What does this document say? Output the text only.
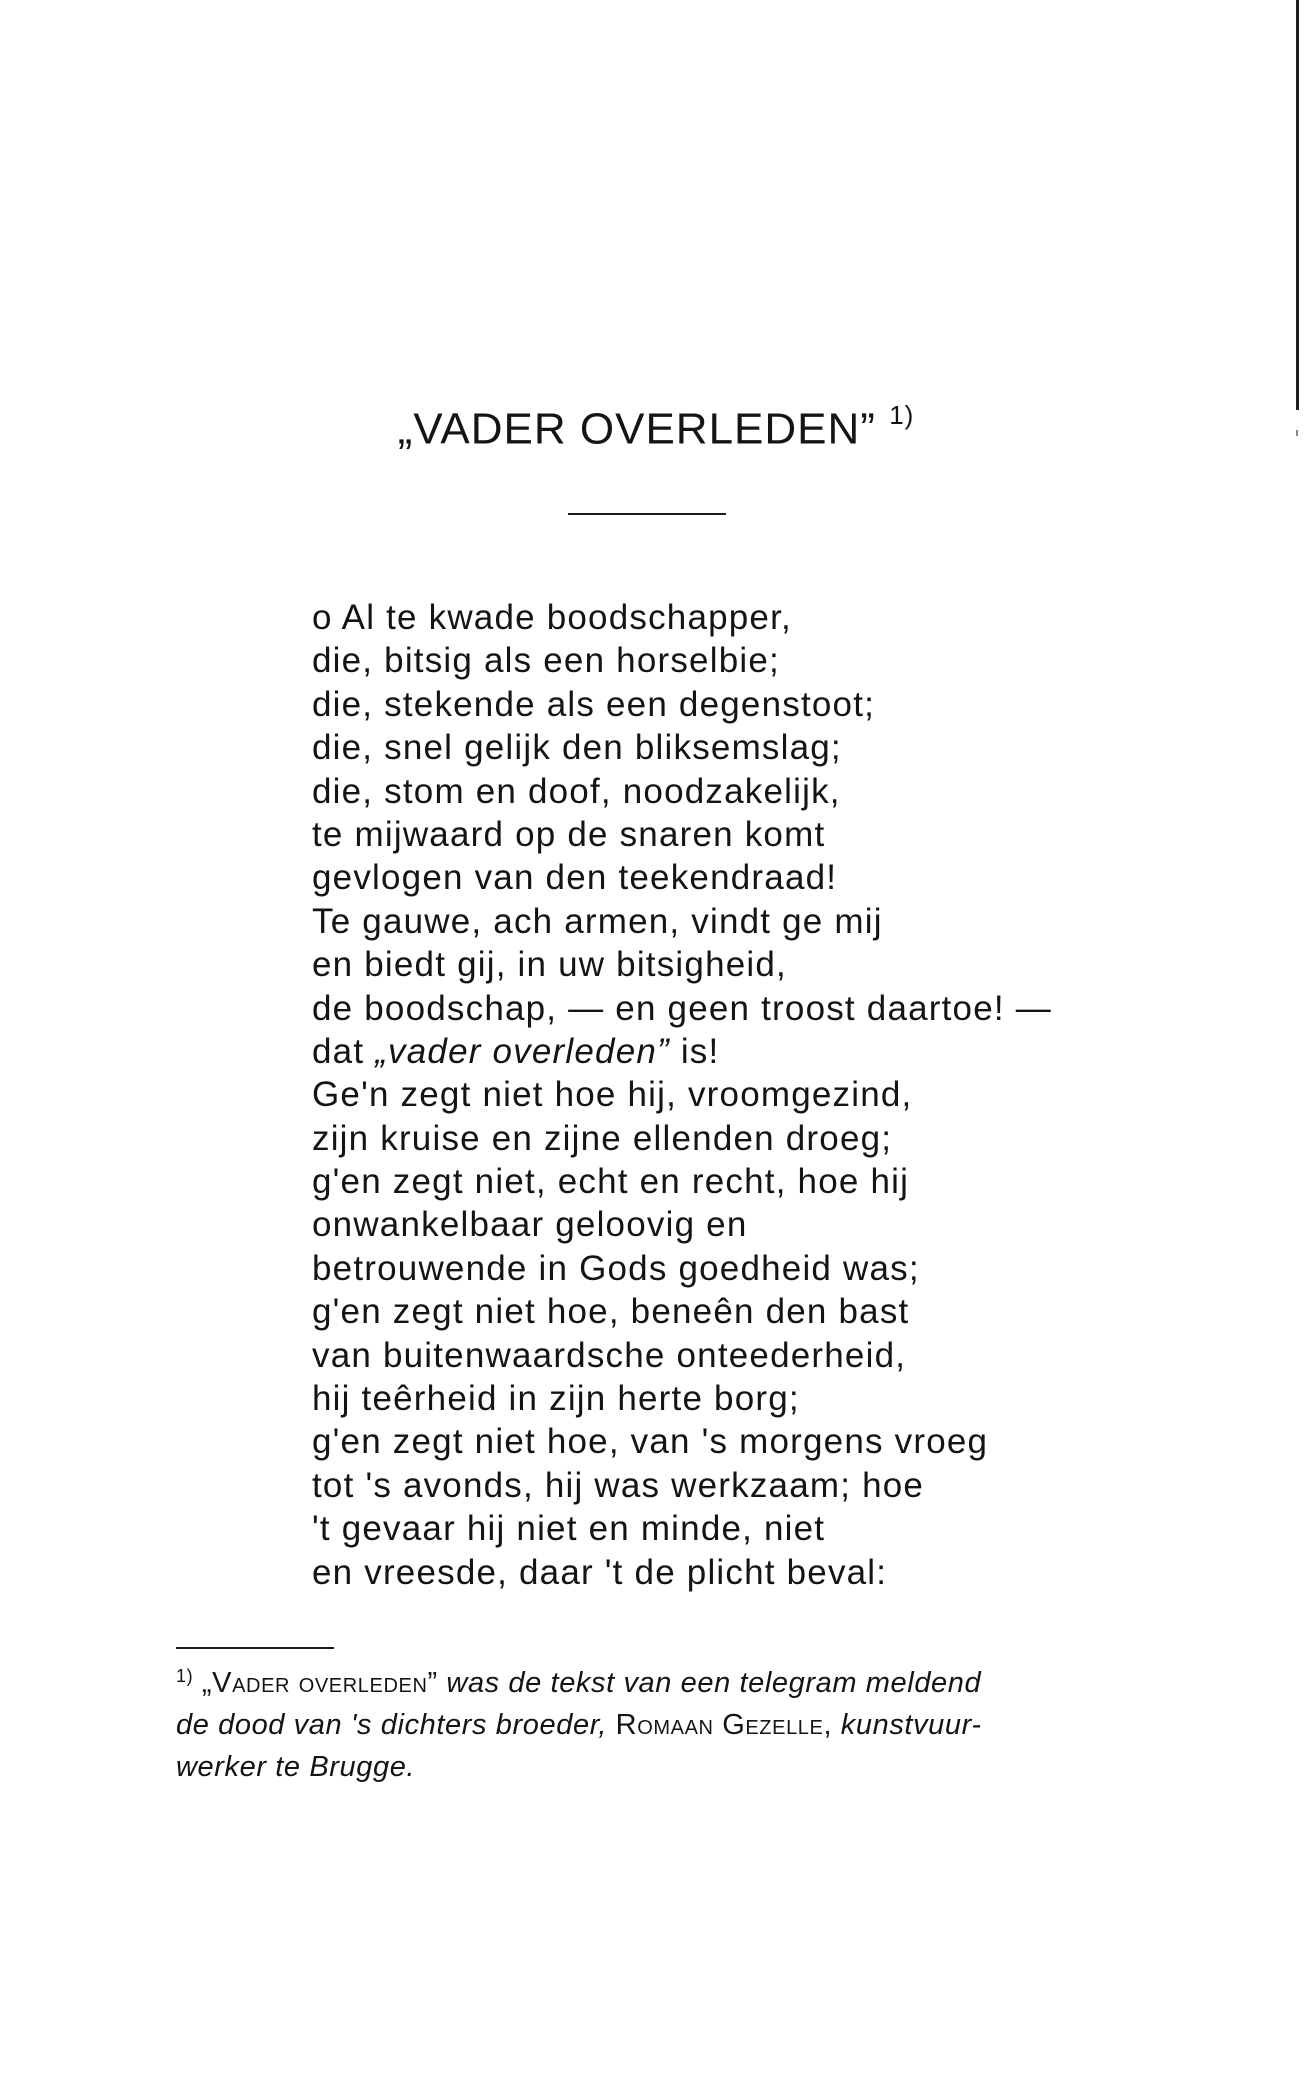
„VADER OVERLEDEN” $^{1)}$
o Al te kwade boodschapper,
die, bitsig als een horselbie;
die, stekende als een degenstoot;
die, snel gelijk den bliksemslag;
die, stom en doof, noodzakelijk,
te mijwaard op de snaren komt
gevlogen van den teekendraad!
Te gauwe, ach armen, vindt ge mij
en biedt gij, in uw bitsigheid,
de boodschap, — en geen troost daartoe! —
dat „vader overleden” is!
Ge'n zegt niet hoe hij, vroomgezind,
zijn kruise en zijne ellenden droeg;
g'en zegt niet, echt en recht, hoe hij
onwankelbaar geloovig en
betrouwende in Gods goedheid was;
g'en zegt niet hoe, beneên den bast
van buitenwaardsche onteederheid,
hij teêrheid in zijn herte borg;
g'en zegt niet hoe, van 's morgens vroeg
tot 's avonds, hij was werkzaam; hoe
't gevaar hij niet en minde, niet
en vreesde, daar 't de plicht beval:
$^{1)}$ „Vader overleden” was de tekst van een telegram meldend
de dood van 's dichters broeder, Romaan Gezelle, kunstvuur-
werker te Brugge.
